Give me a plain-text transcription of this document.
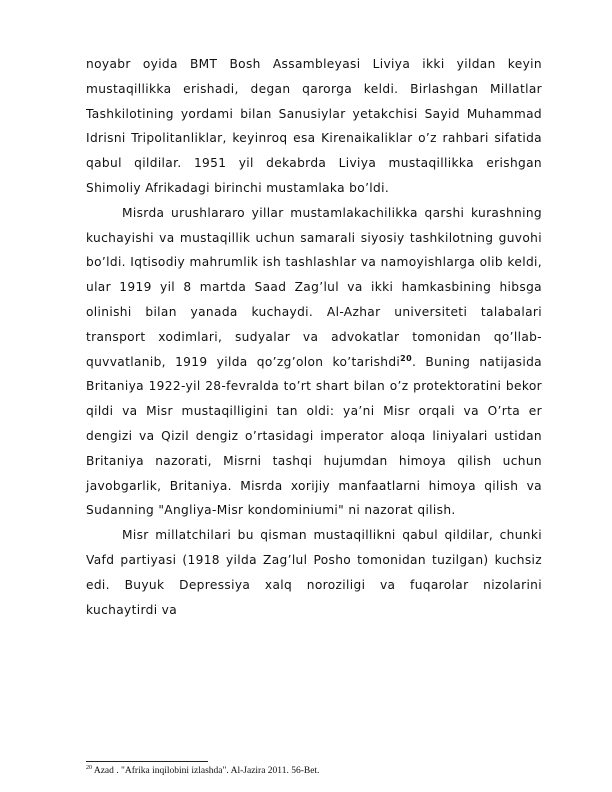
noyabr oyida BMT Bosh Assambleyasi Liviya ikki yildan keyin mustaqillikka erishadi, degan qarorga keldi. Birlashgan Millatlar Tashkilotining yordami bilan Sanusiylar yetakchisi Sayid Muhammad Idrisni Tripolitanliklar, keyinroq esa Kirenaikaliklar o’z rahbari sifatida qabul qildilar. 1951 yil dekabrda Liviya mustaqillikka erishgan Shimoliy Afrikadagi birinchi mustamlaka bo’ldi.

Misrda urushlararo yillar mustamlakachilikka qarshi kurashning kuchayishi va mustaqillik uchun samarali siyosiy tashkilotning guvohi bo’ldi. Iqtisodiy mahrumlik ish tashlashlar va namoyishlarga olib keldi, ular 1919 yil 8 martda Saad Zag’lul va ikki hamkasbining hibsga olinishi bilan yanada kuchaydi. Al-Azhar universiteti talabalari transport xodimlari, sudyalar va advokatlar tomonidan qo’llab-quvvatlanib, 1919 yilda qo’zg’olon ko’tarishdi$^{20}$. Buning natijasida Britaniya 1922-yil 28-fevralda to’rt shart bilan o’z protektoratini bekor qildi va Misr mustaqilligini tan oldi: ya’ni Misr orqali va O’rta er dengizi va Qizil dengiz o’rtasidagi imperator aloqa liniyalari ustidan Britaniya nazorati, Misrni tashqi hujumdan himoya qilish uchun javobgarlik, Britaniya. Misrda xorijiy manfaatlarni himoya qilish va Sudanning "Angliya-Misr kondominiumi" ni nazorat qilish.

Misr millatchilari bu qisman mustaqillikni qabul qildilar, chunki Vafd partiyasi (1918 yilda Zag’lul Posho tomonidan tuzilgan) kuchsiz edi. Buyuk Depressiya xalq noroziligi va fuqarolar nizolarini kuchaytirdi va

$^{20}$ Azad . "Afrika inqilobini izlashda". Al-Jazira 2011. 56-Bet.
